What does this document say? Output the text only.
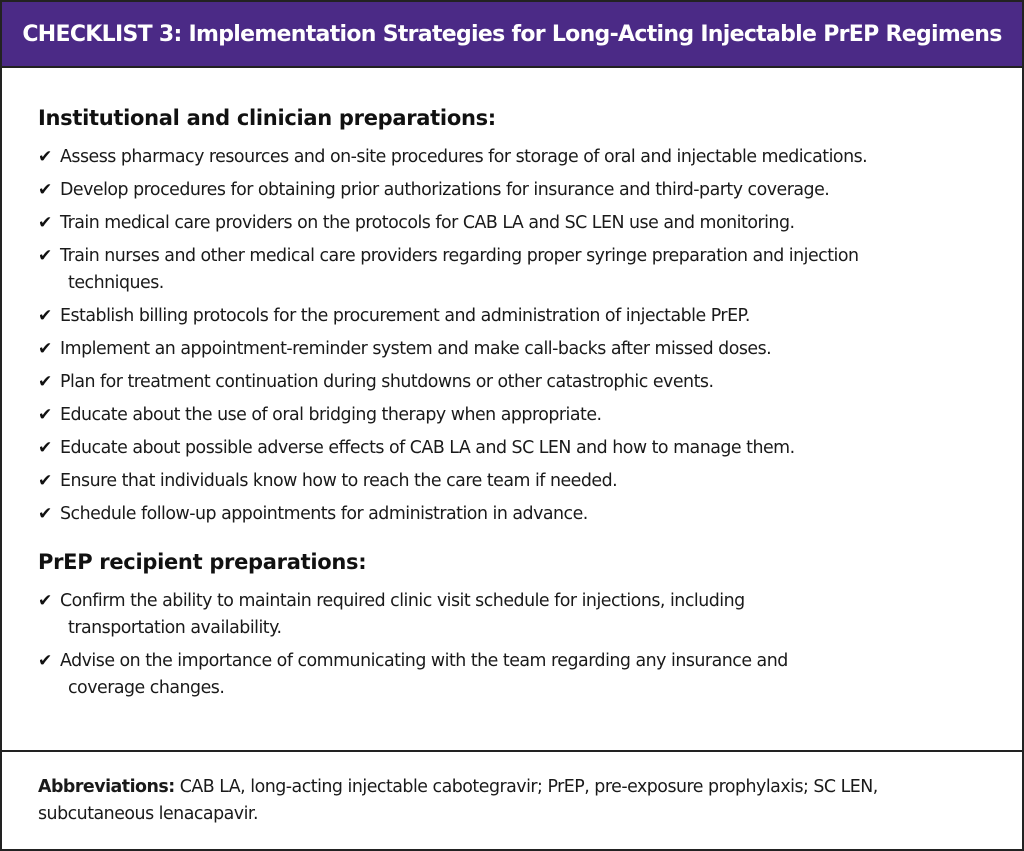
CHECKLIST 3: Implementation Strategies for Long-Acting Injectable PrEP Regimens
Institutional and clinician preparations:
✔ Assess pharmacy resources and on-site procedures for storage of oral and injectable medications.
✔ Develop procedures for obtaining prior authorizations for insurance and third-party coverage.
✔ Train medical care providers on the protocols for CAB LA and SC LEN use and monitoring.
✔ Train nurses and other medical care providers regarding proper syringe preparation and injection
techniques.
✔ Establish billing protocols for the procurement and administration of injectable PrEP.
✔ Implement an appointment-reminder system and make call-backs after missed doses.
✔ Plan for treatment continuation during shutdowns or other catastrophic events.
✔ Educate about the use of oral bridging therapy when appropriate.
✔ Educate about possible adverse effects of CAB LA and SC LEN and how to manage them.
✔ Ensure that individuals know how to reach the care team if needed.
✔ Schedule follow-up appointments for administration in advance.
PrEP recipient preparations:
✔ Confirm the ability to maintain required clinic visit schedule for injections, including
transportation availability.
✔ Advise on the importance of communicating with the team regarding any insurance and
coverage changes.
Abbreviations: CAB LA, long-acting injectable cabotegravir; PrEP, pre-exposure prophylaxis; SC LEN, subcutaneous lenacapavir.
